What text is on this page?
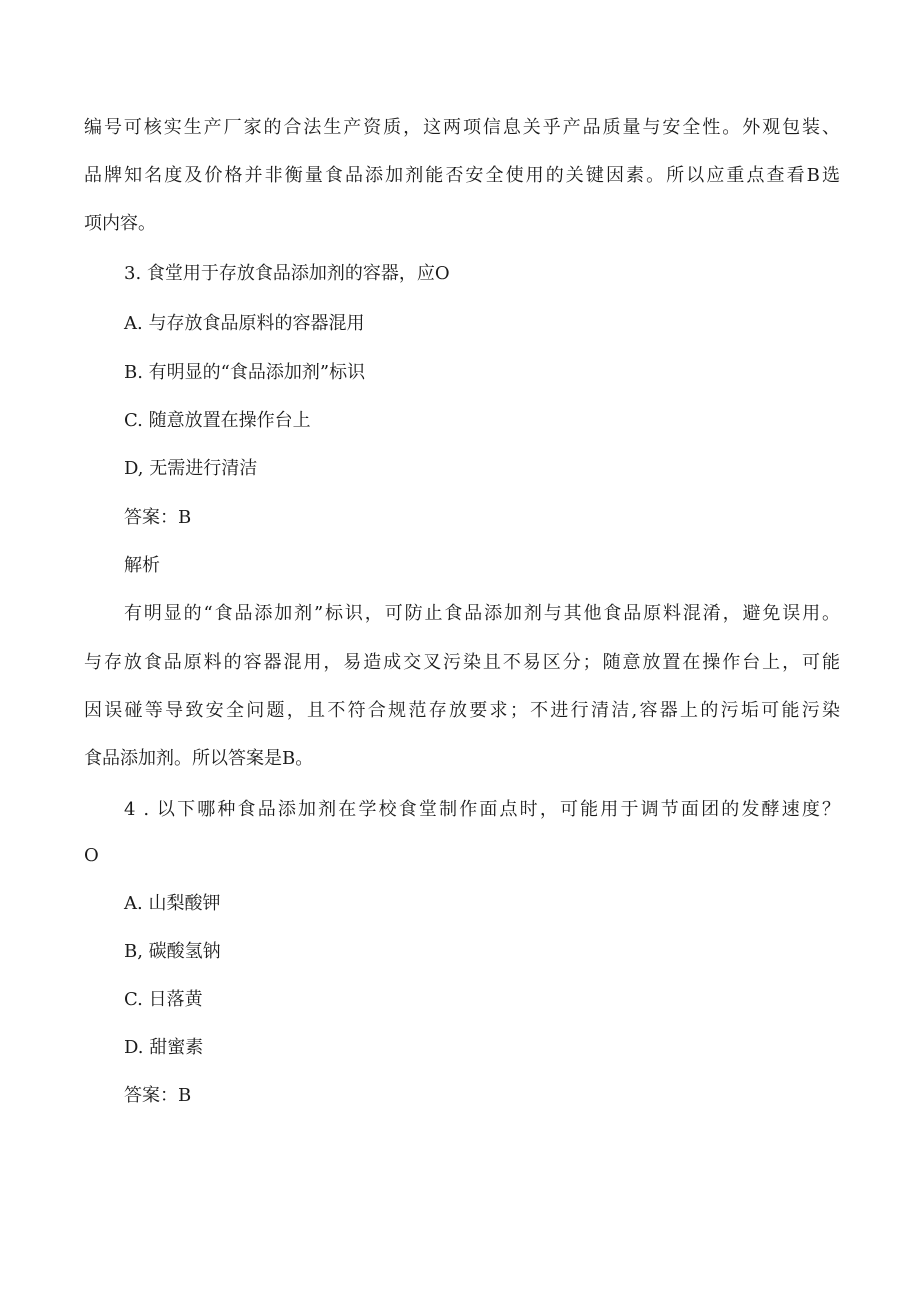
编号可核实生产厂家的合法生产资质，这两项信息关乎产品质量与安全性。外观包装、
品牌知名度及价格并非衡量食品添加剂能否安全使用的关键因素。所以应重点查看B选
项内容。
3. 食堂用于存放食品添加剂的容器，应O
A. 与存放食品原料的容器混用
B. 有明显的“食品添加剂”标识
C. 随意放置在操作台上
D, 无需进行清洁
答案：B
解析
有明显的“食品添加剂”标识，可防止食品添加剂与其他食品原料混淆，避免误用。
与存放食品原料的容器混用，易造成交叉污染且不易区分；随意放置在操作台上，可能
因误碰等导致安全问题，且不符合规范存放要求；不进行清洁,容器上的污垢可能污染
食品添加剂。所以答案是B。
4 . 以下哪种食品添加剂在学校食堂制作面点时，可能用于调节面团的发酵速度？
O
A. 山梨酸钾
B, 碳酸氢钠
C. 日落黄
D. 甜蜜素
答案：B
